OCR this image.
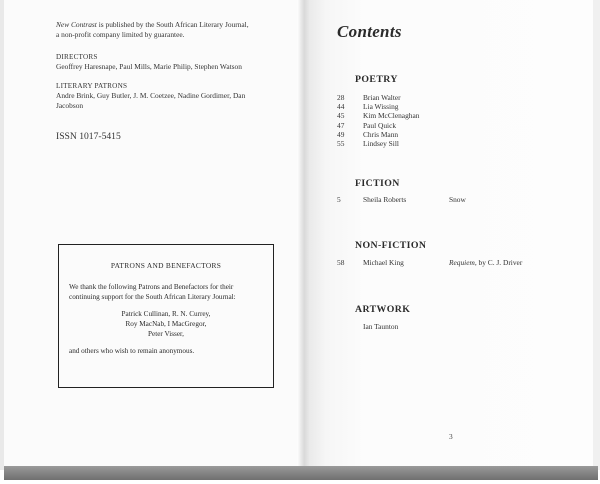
New Contrast is published by the South African Literary Journal,
a non-profit company limited by guarantee.
DIRECTORS
Geoffrey Haresnape, Paul Mills, Marie Philip, Stephen Watson
LITERARY PATRONS
Andre Brink, Guy Butler, J. M. Coetzee, Nadine Gordimer, Dan
Jacobson
ISSN 1017-5415
PATRONS AND BENEFACTORS
We thank the following Patrons and Benefactors for their
continuing support for the South African Literary Journal:
Patrick Cullinan, R. N. Currey,
Roy MacNab, I MacGregor,
Peter Visser,
and others who wish to remain anonymous.
Contents
POETRY
28	Brian Walter
44	Lia Wissing
45	Kim McClenaghan
47	Paul Quick
49	Chris Mann
55	Lindsey Sill
FICTION
5	Sheila Roberts	Snow
NON-FICTION
58	Michael King	Requiem, by C. J. Driver
ARTWORK
Ian Taunton
3
